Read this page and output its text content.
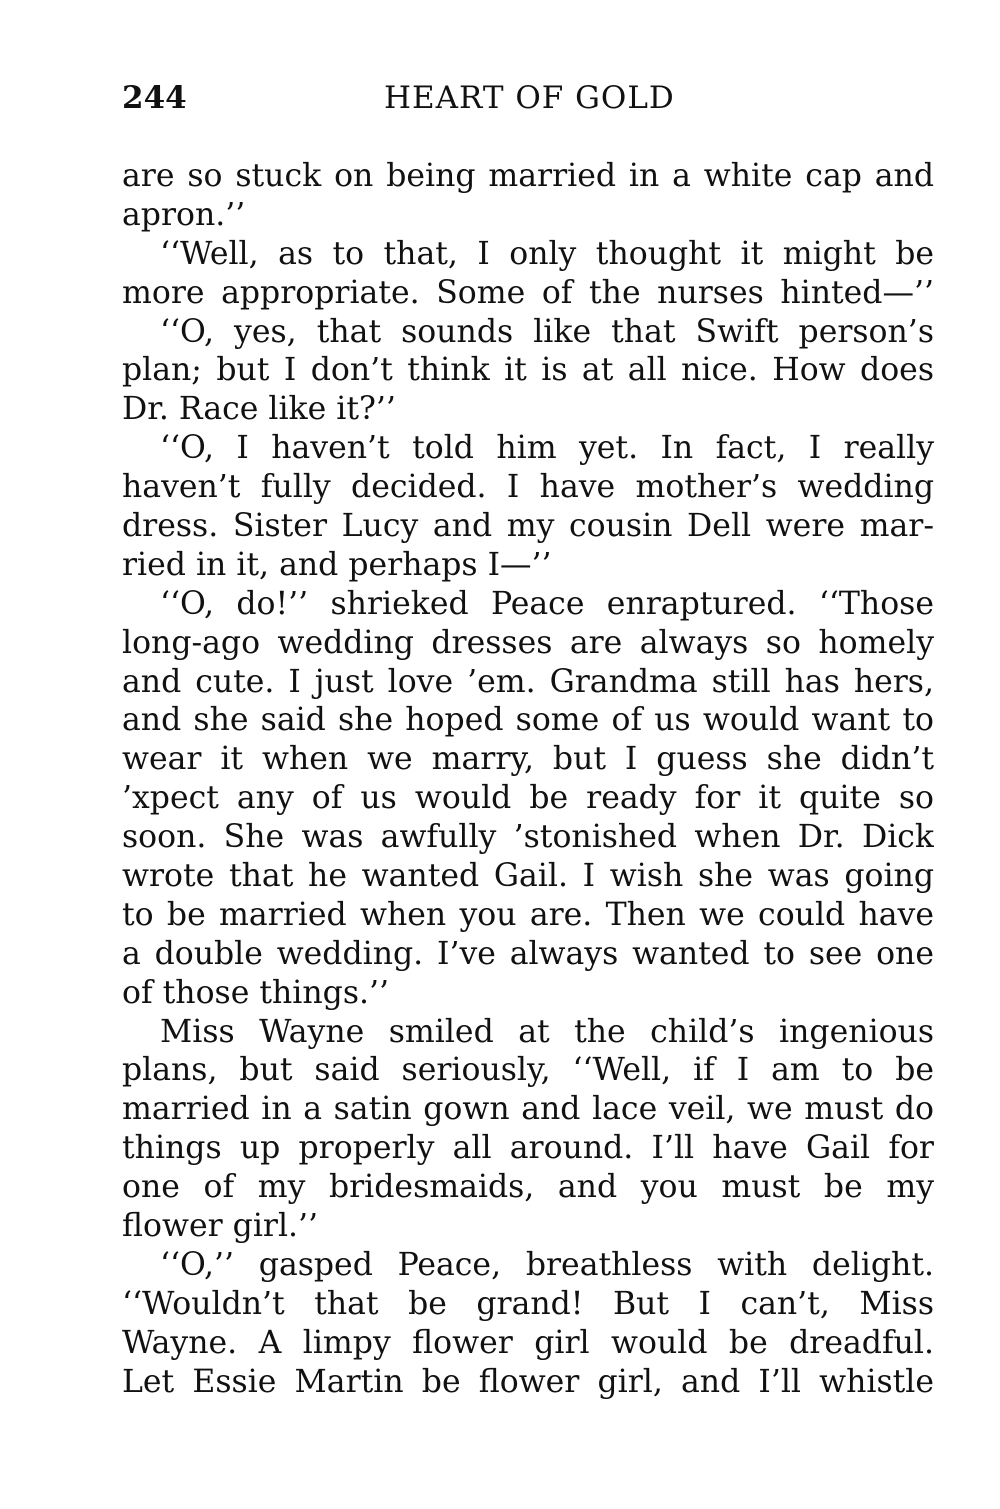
244	HEART OF GOLD
are so stuck on being married in a white cap and
apron.’’
‘‘Well, as to that, I only thought it might be
more appropriate. Some of the nurses hinted—’’
‘‘O, yes, that sounds like that Swift person’s
plan; but I don’t think it is at all nice. How does
Dr. Race like it?’’
‘‘O, I haven’t told him yet. In fact, I really
haven’t fully decided. I have mother’s wedding
dress. Sister Lucy and my cousin Dell were mar-
ried in it, and perhaps I—’’
‘‘O, do!’’ shrieked Peace enraptured. ‘‘Those
long-ago wedding dresses are always so homely
and cute. I just love ’em. Grandma still has hers,
and she said she hoped some of us would want to
wear it when we marry, but I guess she didn’t
’xpect any of us would be ready for it quite so
soon. She was awfully ’stonished when Dr. Dick
wrote that he wanted Gail. I wish she was going
to be married when you are. Then we could have
a double wedding. I’ve always wanted to see one
of those things.’’
Miss Wayne smiled at the child’s ingenious
plans, but said seriously, ‘‘Well, if I am to be
married in a satin gown and lace veil, we must do
things up properly all around. I’ll have Gail for
one of my bridesmaids, and you must be my
flower girl.’’
‘‘O,’’ gasped Peace, breathless with delight.
‘‘Wouldn’t that be grand! But I can’t, Miss
Wayne. A limpy flower girl would be dreadful.
Let Essie Martin be flower girl, and I’ll whistle
